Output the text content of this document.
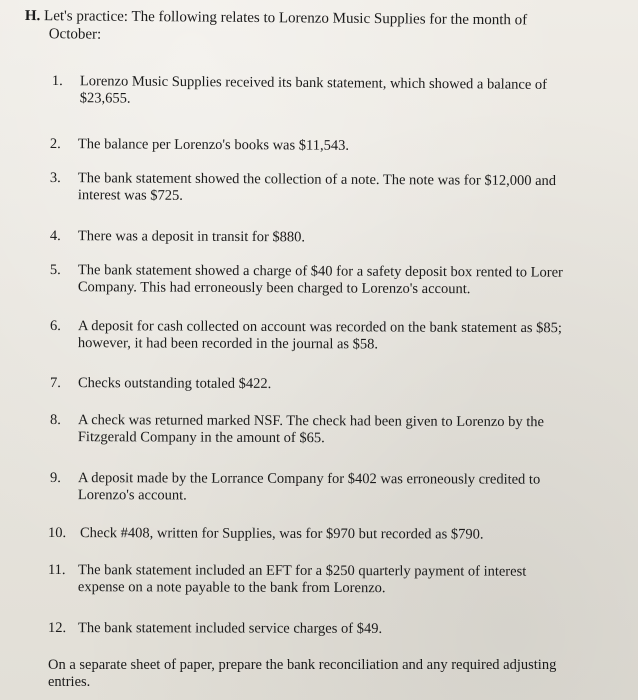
H. Let's practice: The following relates to Lorenzo Music Supplies for the month of
October:
1.	Lorenzo Music Supplies received its bank statement, which showed a balance of
$23,655.
2.	The balance per Lorenzo's books was $11,543.
3.	The bank statement showed the collection of a note. The note was for $12,000 and
interest was $725.
4.	There was a deposit in transit for $880.
5.	The bank statement showed a charge of $40 for a safety deposit box rented to Lorer
Company. This had erroneously been charged to Lorenzo's account.
6.	A deposit for cash collected on account was recorded on the bank statement as $85;
however, it had been recorded in the journal as $58.
7.	Checks outstanding totaled $422.
8.	A check was returned marked NSF. The check had been given to Lorenzo by the
Fitzgerald Company in the amount of $65.
9.	A deposit made by the Lorrance Company for $402 was erroneously credited to
Lorenzo's account.
10. Check #408, written for Supplies, was for $970 but recorded as $790.
11. The bank statement included an EFT for a $250 quarterly payment of interest
expense on a note payable to the bank from Lorenzo.
12. The bank statement included service charges of $49.
On a separate sheet of paper, prepare the bank reconciliation and any required adjusting
entries.
